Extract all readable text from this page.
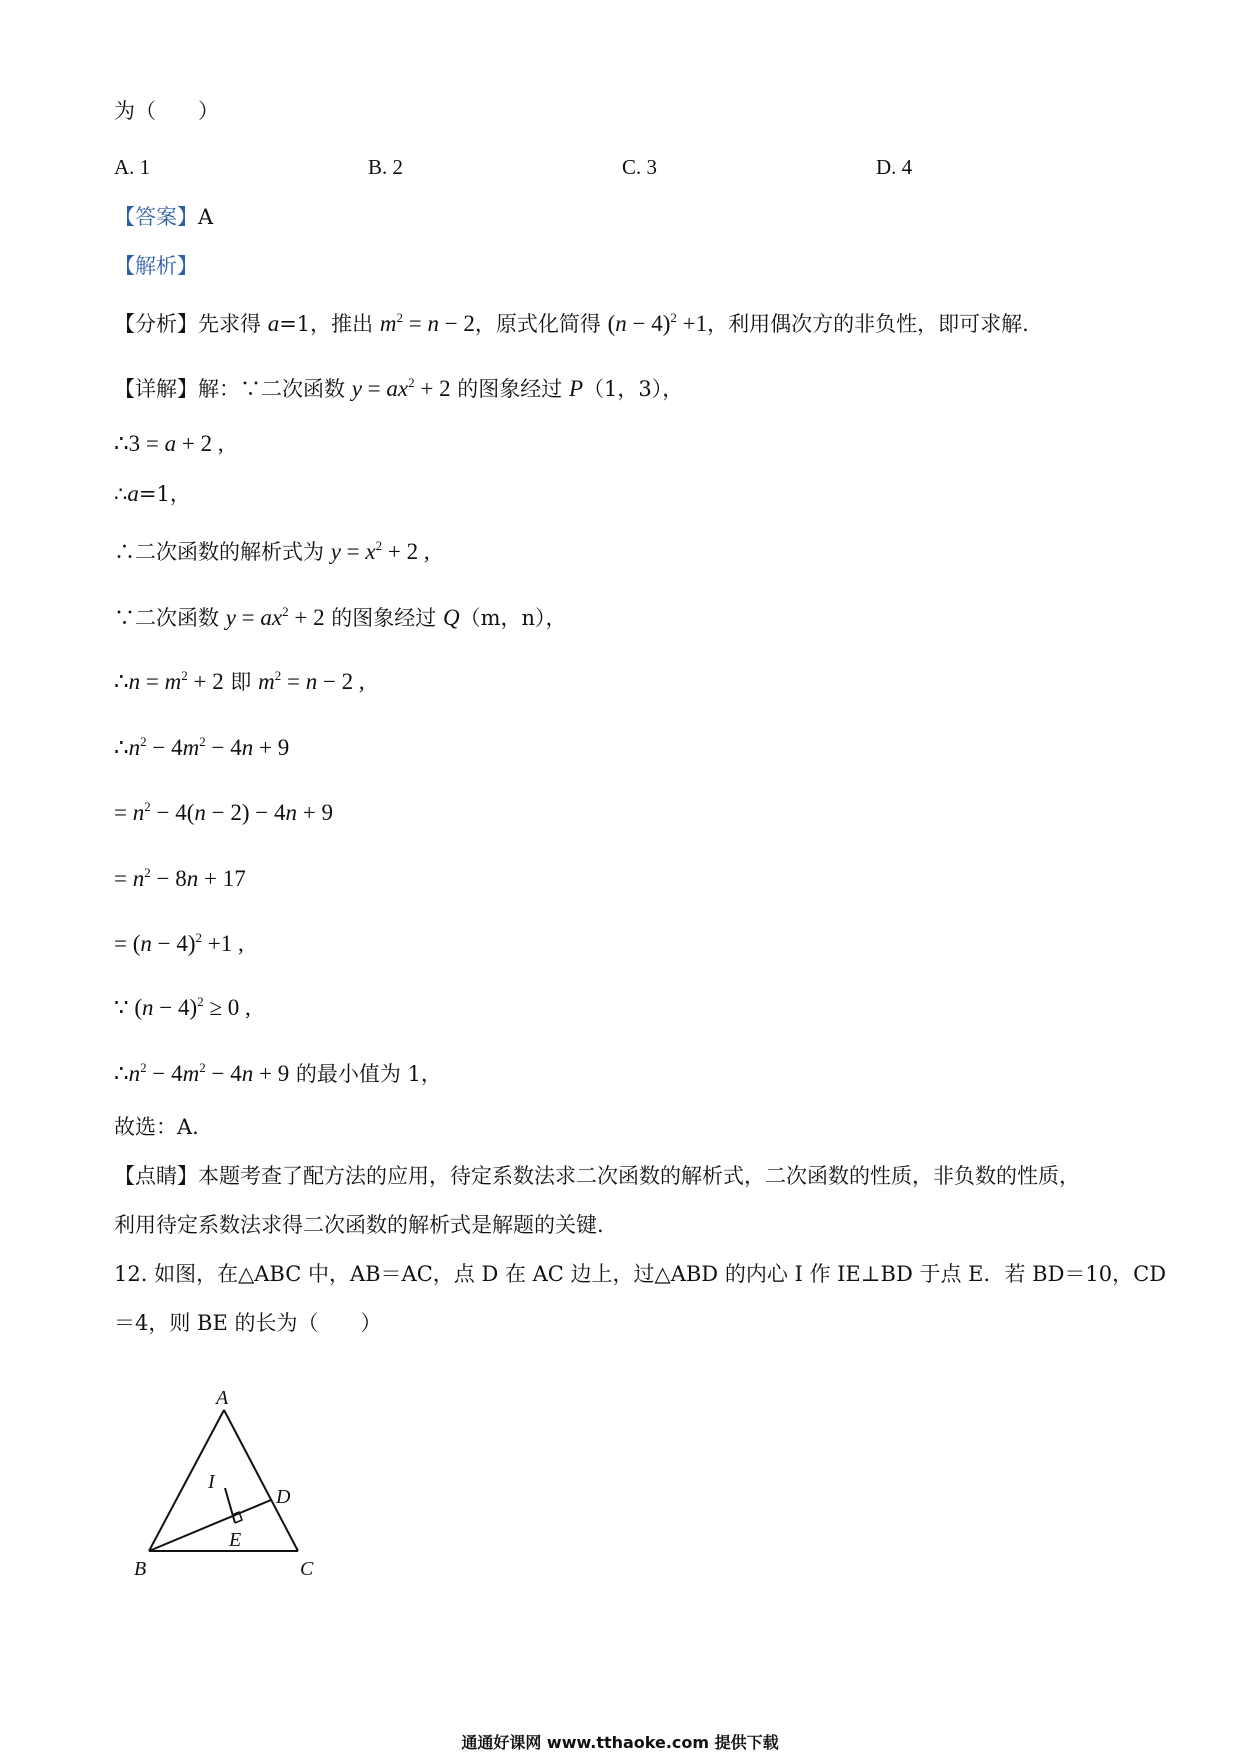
为（　　）
A. 1	B. 2	C. 3	D. 4
【答案】A
【解析】
【分析】先求得 a=1，推出 $m^2 = n - 2$，原式化简得 $(n - 4)^2 +1$，利用偶次方的非负性，即可求解.
【详解】解：∵二次函数 $y = ax^2 + 2$ 的图象经过 P（1，3），
∴3 = a + 2 ,
∴a=1，
∴二次函数的解析式为 $y = x^2 + 2$ ,
∵二次函数 $y = ax^2 + 2$ 的图象经过 Q（m，n），
∴n = $m^2 + 2$ 即 $m^2 = n - 2$ ,
$\therefore n^2 - 4m^2 - 4n + 9$
= $n^2 - 4(n - 2) - 4n + 9$
= $n^2 - 8n + 17$
= $(n - 4)^2 +1$ ,
∵ $(n - 4)^2 \ge 0$ ,
$\therefore n^2 - 4m^2 - 4n + 9$ 的最小值为 1，
故选：A.
【点睛】本题考查了配方法的应用，待定系数法求二次函数的解析式，二次函数的性质，非负数的性质，
利用待定系数法求得二次函数的解析式是解题的关键.
12. 如图，在△ABC 中，AB＝AC，点 D 在 AC 边上，过△ABD 的内心 I 作 IE⊥BD 于点 E．若 BD＝10，CD
＝4，则 BE 的长为（　　）
A
B	C
D
E
I
通通好课网 www.tthaoke.com 提供下载
